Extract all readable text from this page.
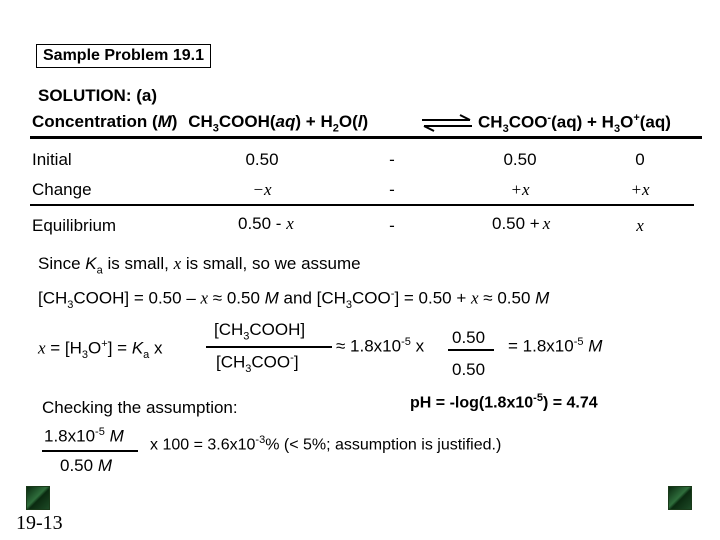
Sample Problem 19.1
SOLUTION: (a)
Concentration (M) $CH_3COOH(aq) + H_2O(l)$	⇌ $CH_3COO^-(aq) + H_3O^+(aq)$
Initial	0.50	-	0.50	0
Change	−x	-	+x	+x
Equilibrium	0.50 - x	-	0.50 + x	x
Since $K_a$ is small, x is small, so we assume
$[CH_3COOH] = 0.50 - x \approx 0.50$ M and $[CH_3COO^-] = 0.50 + x \approx 0.50$ M
$x = [H_3O^+] = K_a$ x
$[CH_3COOH]$
$[CH_3COO^-]$
≈ $1.8x10^{-5}$ x 0.50
0.50
= $1.8x10^{-5}$ M
pH = $-\log(1.8x10^{-5}) = 4.74$
Checking the assumption:
$1.8x10^{-5}$ M
0.50 M
x $100 = 3.6x10^{-3}\%$ (< 5%; assumption is justified.)
19-13
